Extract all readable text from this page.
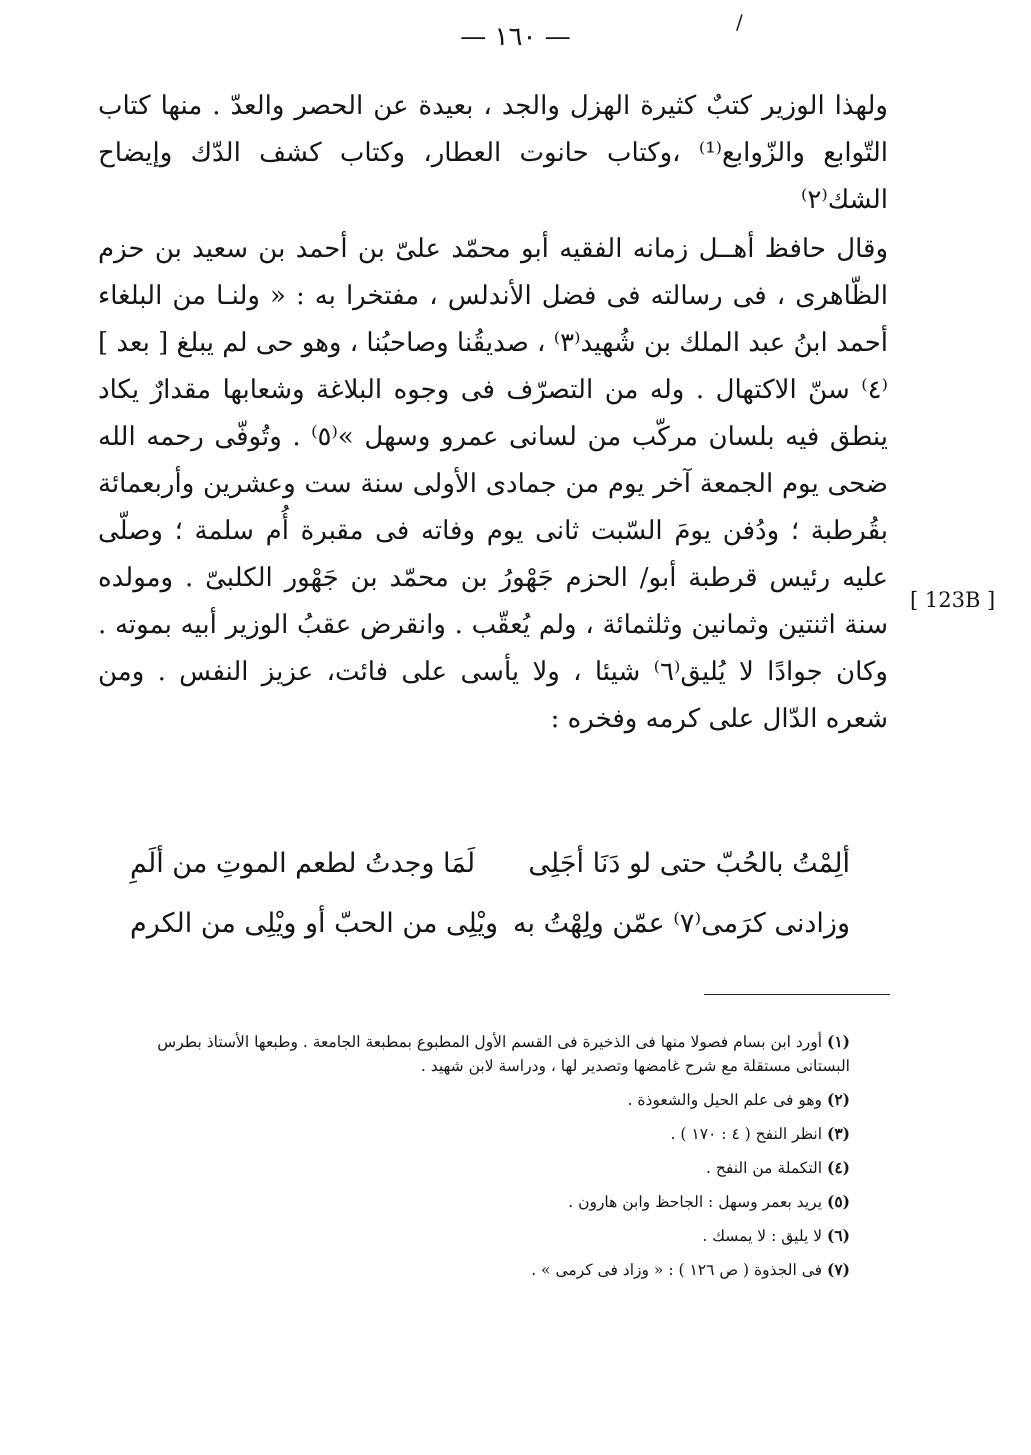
— ١٦٠ —	/

ولهذا الوزير كتبٌ كثيرة الهزل والجد ، بعيدة عن الحصر والعدّ . منها كتاب التّوابع والزّوابع⁽¹⁾ ،وكتاب حانوت العطار، وكتاب كشف الدّك وإيضاح الشك⁽٢⁾

وقال حافظ أهــل زمانه الفقيه أبو محمّد علىّ بن أحمد بن سعيد بن حزم الظّاهرى ، فى رسالته فى فضل الأندلس ، مفتخرا به : « ولنـا من البلغاء أحمد ابنُ عبد الملك بن شُهيد⁽٣⁾ ، صديقُنا وصاحبُنا ، وهو حى لم يبلغ [ بعد ]⁽٤⁾ سنّ الاكتهال . وله من التصرّف فى وجوه البلاغة وشعابها مقدارٌ يكاد ينطق فيه بلسان مركّب من لسانى عمرو وسهل »⁽٥⁾ . وتُوفّى رحمه الله ضحى يوم الجمعة آخر يوم من جمادى الأولى سنة ست وعشرين وأربعمائة بقُرطبة ؛ ودُفن يومَ السّبت ثانى يوم وفاته فى مقبرة أُم سلمة ؛ وصلّى عليه رئيس قرطبة أبو/ الحزم جَهْورُ بن محمّد بن جَهْور الكلبىّ . ومولده سنة اثنتين وثمانين وثلثمائة ، ولم يُعقّب . وانقرض عقبُ الوزير أبيه بموته . وكان جوادًا لا يُليق⁽٦⁾ شيئا ، ولا يأسى على فائت، عزيز النفس . ومن شعره الدّال على كرمه وفخره :

[ 123B ]
ألِمْتُ بالحُبّ حتى لو دَنَا أجَلِى
لَمَا وجدتُ لطعم الموتِ من ألَمِ
وزادنى كرَمى⁽٧⁾ عمّن ولِهْتُ به
ويْلِى من الحبّ أو ويْلِى من الكرم

(١) أورد ابن بسام فصولا منها فى الذخيرة فى القسم الأول المطبوع بمطبعة الجامعة . وطبعها الأستاذ بطرس البستانى مستقلة مع شرح غامضها وتصدير لها ، ودراسة لابن شهيد .

(٢) وهو فى علم الحيل والشعوذة .

(٣) انظر النفح ( ٤ : ١٧٠ ) .

(٤) التكملة من النفح .

(٥) يريد بعمر وسهل : الجاحظ وابن هارون .

(٦) لا يليق : لا يمسك .

(٧) فى الجذوة ( ص ١٢٦ ) : « وزاد فى كرمى » .
